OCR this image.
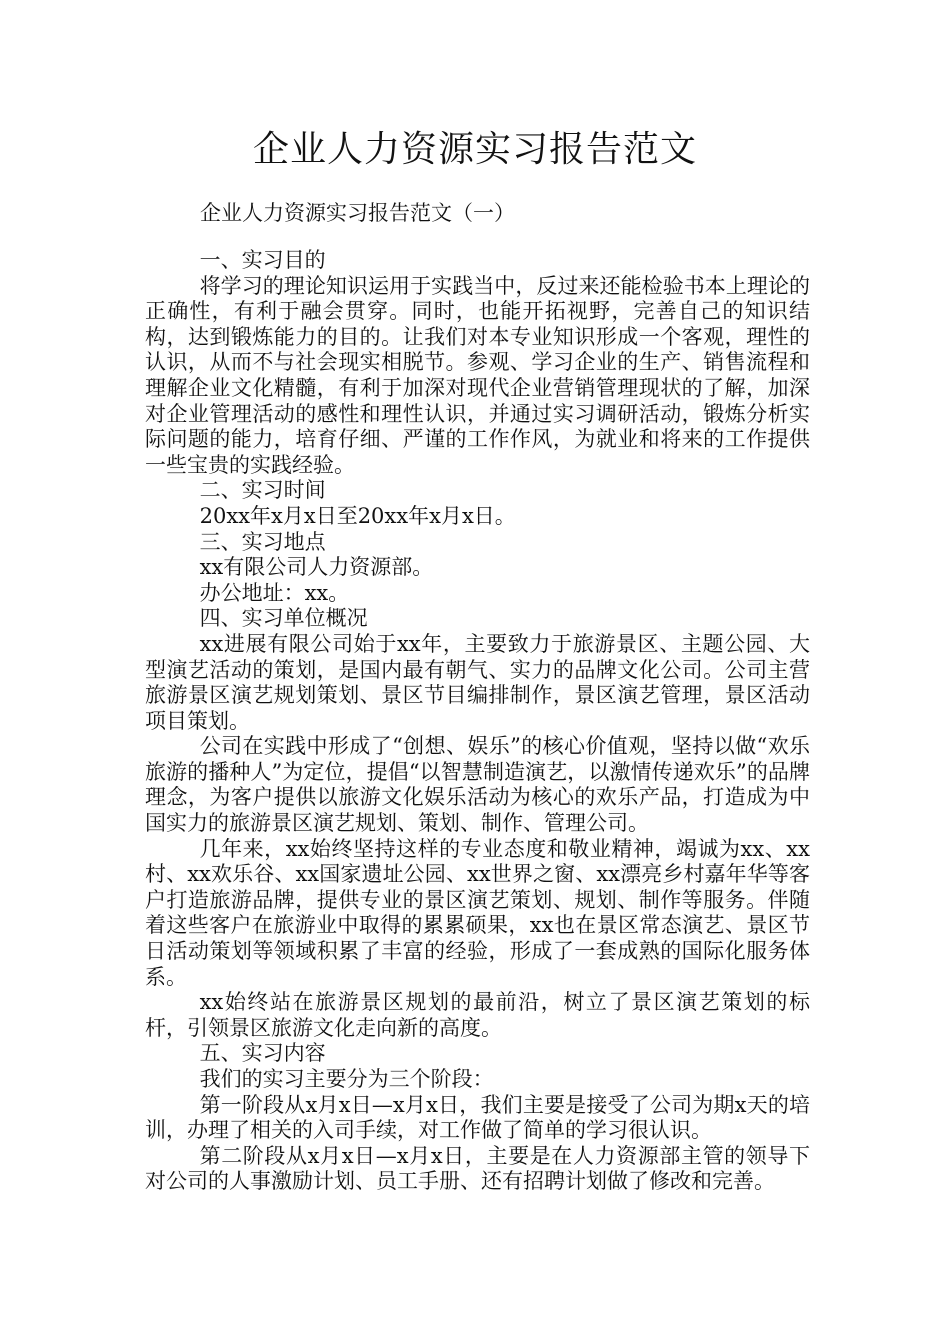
企业人力资源实习报告范文

企业人力资源实习报告范文（一）

一、实习目的

将学习的理论知识运用于实践当中，反过来还能检验书本上理论的正确性，有利于融会贯穿。同时，也能开拓视野，完善自己的知识结构，达到锻炼能力的目的。让我们对本专业知识形成一个客观，理性的认识，从而不与社会现实相脱节。参观、学习企业的生产、销售流程和理解企业文化精髓，有利于加深对现代企业营销管理现状的了解，加深对企业管理活动的感性和理性认识，并通过实习调研活动，锻炼分析实际问题的能力，培育仔细、严谨的工作作风，为就业和将来的工作提供一些宝贵的实践经验。

二、实习时间

20xx年x月x日至20xx年x月x日。

三、实习地点

xx有限公司人力资源部。

办公地址：xx。

四、实习单位概况

xx进展有限公司始于xx年，主要致力于旅游景区、主题公园、大型演艺活动的策划，是国内最有朝气、实力的品牌文化公司。公司主营旅游景区演艺规划策划、景区节目编排制作，景区演艺管理，景区活动项目策划。

公司在实践中形成了“创想、娱乐”的核心价值观，坚持以做“欢乐旅游的播种人”为定位，提倡“以智慧制造演艺，以激情传递欢乐”的品牌理念，为客户提供以旅游文化娱乐活动为核心的欢乐产品，打造成为中国实力的旅游景区演艺规划、策划、制作、管理公司。

几年来，xx始终坚持这样的专业态度和敬业精神，竭诚为xx、xx村、xx欢乐谷、xx国家遗址公园、xx世界之窗、xx漂亮乡村嘉年华等客户打造旅游品牌，提供专业的景区演艺策划、规划、制作等服务。伴随着这些客户在旅游业中取得的累累硕果，xx也在景区常态演艺、景区节日活动策划等领域积累了丰富的经验，形成了一套成熟的国际化服务体系。

xx始终站在旅游景区规划的最前沿，树立了景区演艺策划的标杆，引领景区旅游文化走向新的高度。

五、实习内容

我们的实习主要分为三个阶段：

第一阶段从x月x日—x月x日，我们主要是接受了公司为期x天的培训，办理了相关的入司手续，对工作做了简单的学习很认识。

第二阶段从x月x日—x月x日，主要是在人力资源部主管的领导下对公司的人事激励计划、员工手册、还有招聘计划做了修改和完善。
